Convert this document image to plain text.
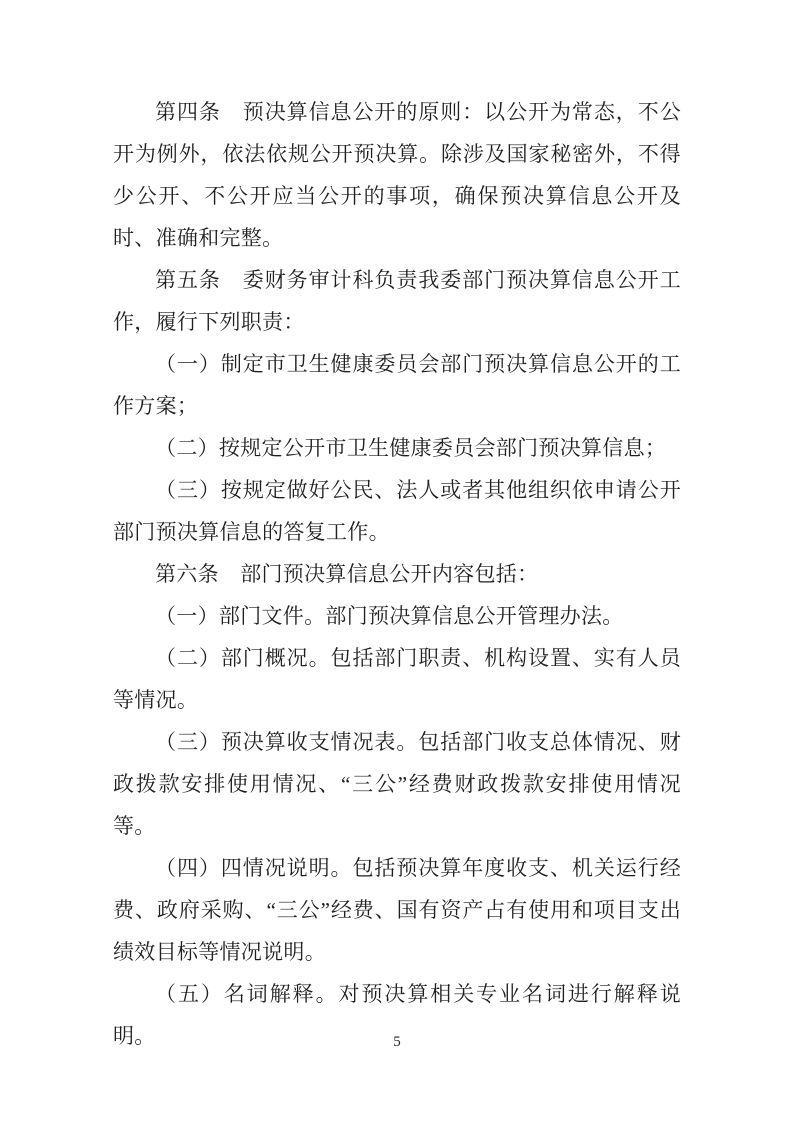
第四条　预决算信息公开的原则：以公开为常态，不公开为例外，依法依规公开预决算。除涉及国家秘密外，不得少公开、不公开应当公开的事项，确保预决算信息公开及时、准确和完整。

第五条　委财务审计科负责我委部门预决算信息公开工作，履行下列职责：

（一）制定市卫生健康委员会部门预决算信息公开的工作方案；

（二）按规定公开市卫生健康委员会部门预决算信息；

（三）按规定做好公民、法人或者其他组织依申请公开部门预决算信息的答复工作。

第六条　部门预决算信息公开内容包括：

（一）部门文件。部门预决算信息公开管理办法。

（二）部门概况。包括部门职责、机构设置、实有人员等情况。

（三）预决算收支情况表。包括部门收支总体情况、财政拨款安排使用情况、“三公”经费财政拨款安排使用情况等。

（四）四情况说明。包括预决算年度收支、机关运行经费、政府采购、“三公”经费、国有资产占有使用和项目支出绩效目标等情况说明。

（五）名词解释。对预决算相关专业名词进行解释说明。	5
